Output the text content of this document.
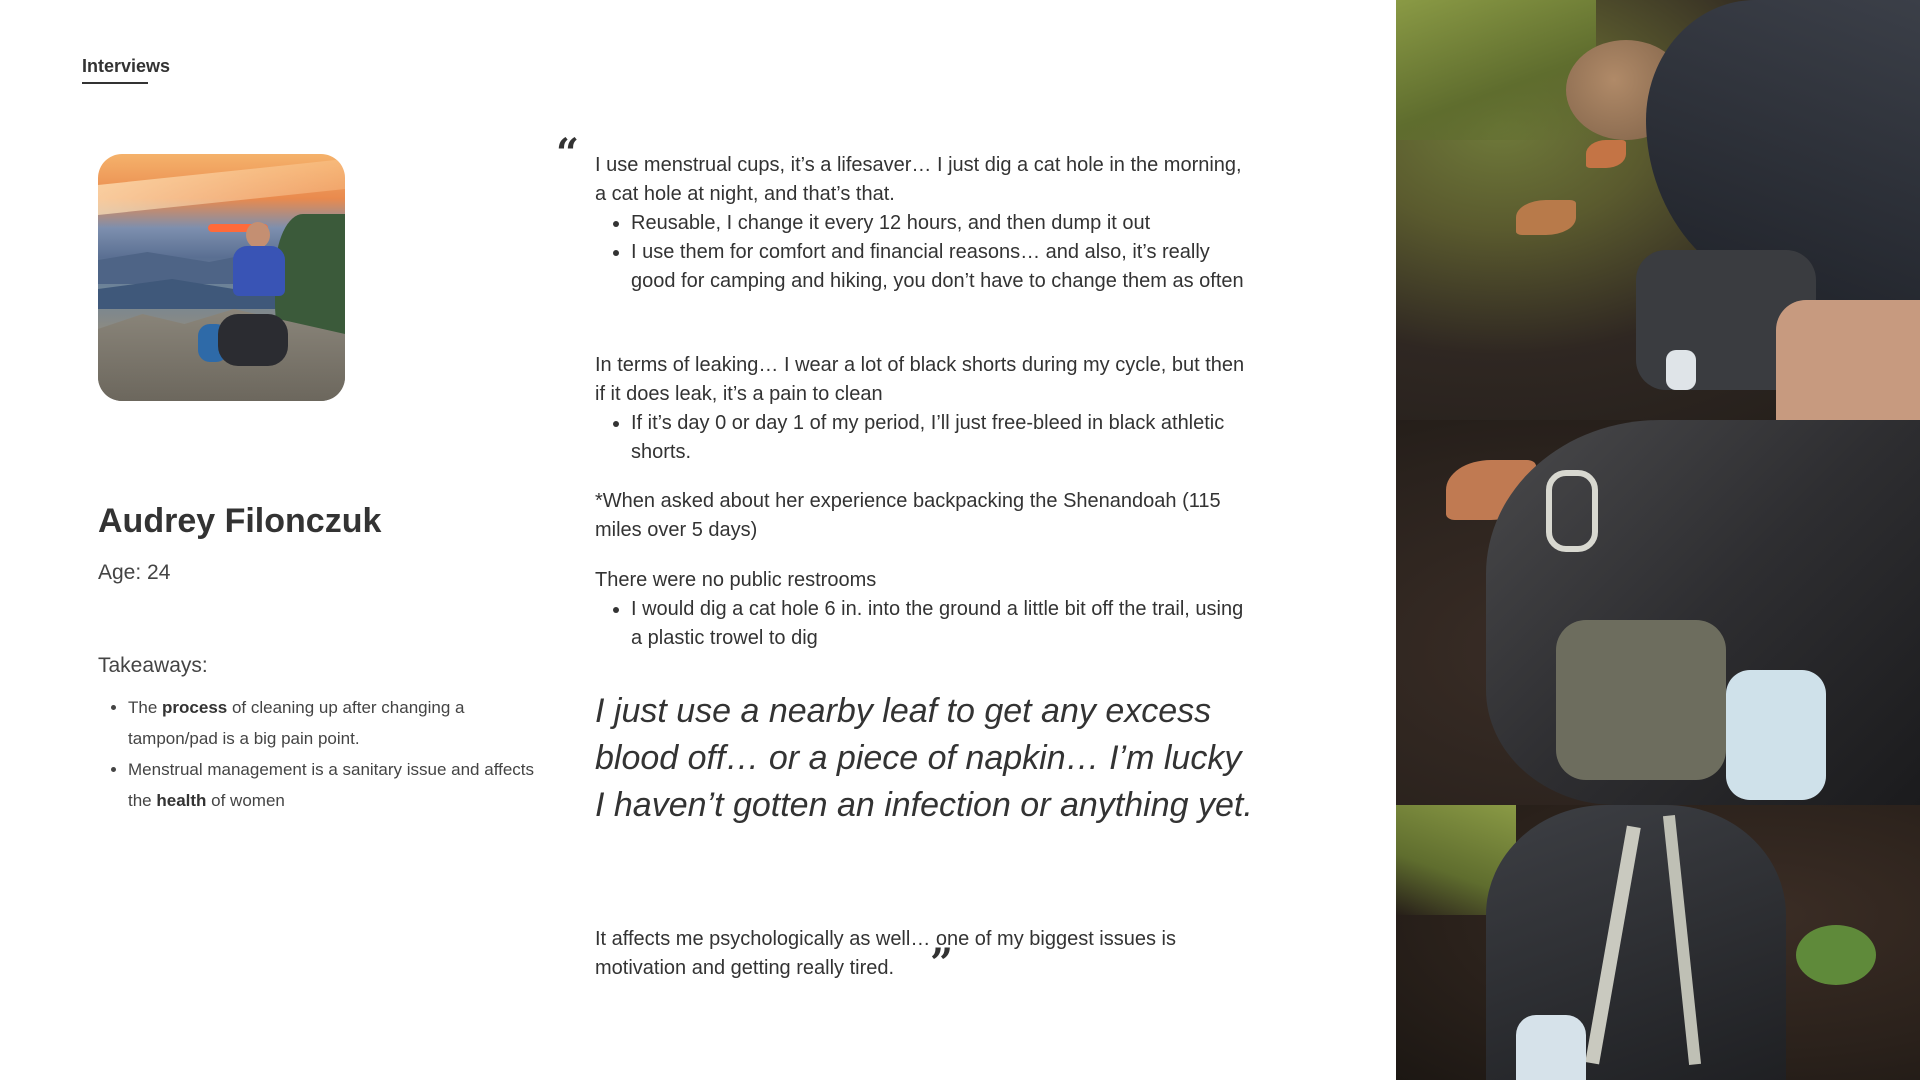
Interviews
Audrey Filonczuk
Age: 24
Takeaways:
• The process of cleaning up after changing a tampon/pad is a big pain point.
• Menstrual management is a sanitary issue and affects the health of women
“ I use menstrual cups, it’s a lifesaver… I just dig a cat hole in the morning, a cat hole at night, and that’s that.

• Reusable, I change it every 12 hours, and then dump it out
• I use them for comfort and financial reasons… and also, it’s really good for camping and hiking, you don’t have to change them as often

In terms of leaking… I wear a lot of black shorts during my cycle, but then if it does leak, it’s a pain to clean

• If it’s day 0 or day 1 of my period, I’ll just free-bleed in black athletic shorts.

*When asked about her experience backpacking the Shenandoah (115 miles over 5 days)

There were no public restrooms

• I would dig a cat hole 6 in. into the ground a little bit off the trail, using a plastic trowel to dig
I just use a nearby leaf to get any excess blood off… or a piece of napkin… I’m lucky I haven’t gotten an infection or anything yet.

It affects me psychologically as well… one of my biggest issues is motivation and getting really tired. ”
